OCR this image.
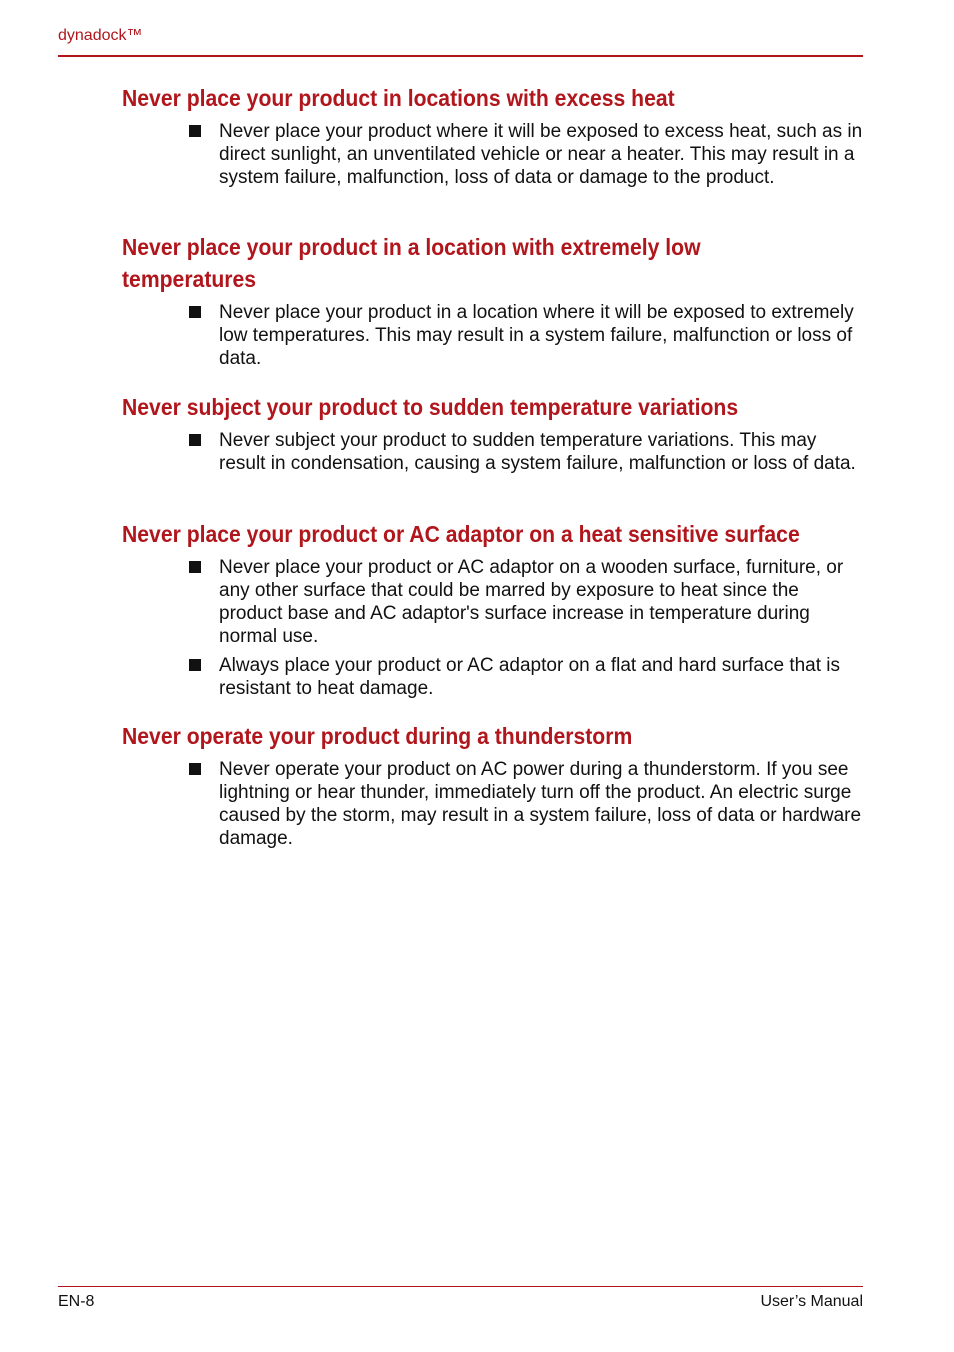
dynadock™
Never place your product in locations with excess heat
Never place your product where it will be exposed to excess heat, such as in direct sunlight, an unventilated vehicle or near a heater. This may result in a system failure, malfunction, loss of data or damage to the product.
Never place your product in a location with extremely low
temperatures
Never place your product in a location where it will be exposed to extremely low temperatures. This may result in a system failure, malfunction or loss of data.
Never subject your product to sudden temperature variations
Never subject your product to sudden temperature variations. This may result in condensation, causing a system failure, malfunction or loss of data.
Never place your product or AC adaptor on a heat sensitive surface
Never place your product or AC adaptor on a wooden surface, furniture, or any other surface that could be marred by exposure to heat since the product base and AC adaptor's surface increase in temperature during normal use.
Always place your product or AC adaptor on a flat and hard surface that is resistant to heat damage.
Never operate your product during a thunderstorm
Never operate your product on AC power during a thunderstorm. If you see lightning or hear thunder, immediately turn off the product. An electric surge caused by the storm, may result in a system failure, loss of data or hardware damage.
EN-8	User’s Manual
